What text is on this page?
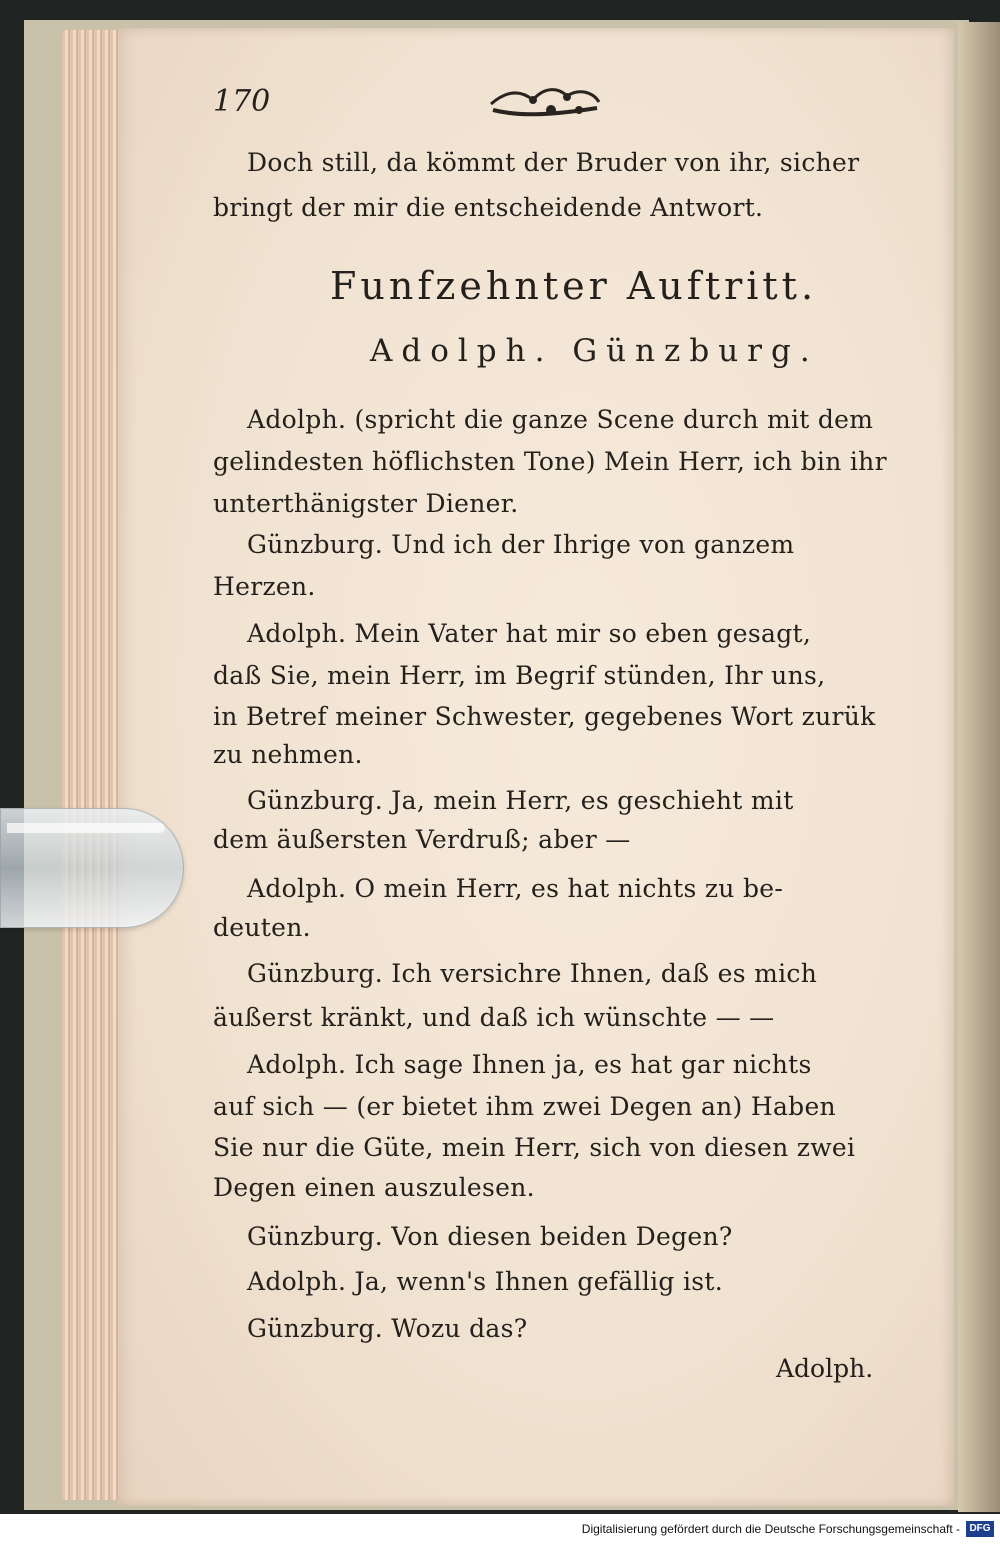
170
Doch still, da kömmt der Bruder von ihr, sicher
bringt der mir die entscheidende Antwort.
Funfzehnter Auftritt.
Adolph. Günzburg.
Adolph. (spricht die ganze Scene durch mit dem
gelindesten höflichsten Tone) Mein Herr, ich bin ihr
unterthänigster Diener.
Günzburg. Und ich der Ihrige von ganzem
Herzen.
Adolph. Mein Vater hat mir so eben gesagt,
daß Sie, mein Herr, im Begrif stünden, Ihr uns,
in Betref meiner Schwester, gegebenes Wort zurük
zu nehmen.
Günzburg. Ja, mein Herr, es geschieht mit
dem äußersten Verdruß; aber —
Adolph. O mein Herr, es hat nichts zu be-
deuten.
Günzburg. Ich versichre Ihnen, daß es mich
äußerst kränkt, und daß ich wünschte — —
Adolph. Ich sage Ihnen ja, es hat gar nichts
auf sich — (er bietet ihm zwei Degen an) Haben
Sie nur die Güte, mein Herr, sich von diesen zwei
Degen einen auszulesen.
Günzburg. Von diesen beiden Degen?
Adolph. Ja, wenn's Ihnen gefällig ist.
Günzburg. Wozu das?
Adolph.
Digitalisierung gefördert durch die Deutsche Forschungsgemeinschaft - DFG
